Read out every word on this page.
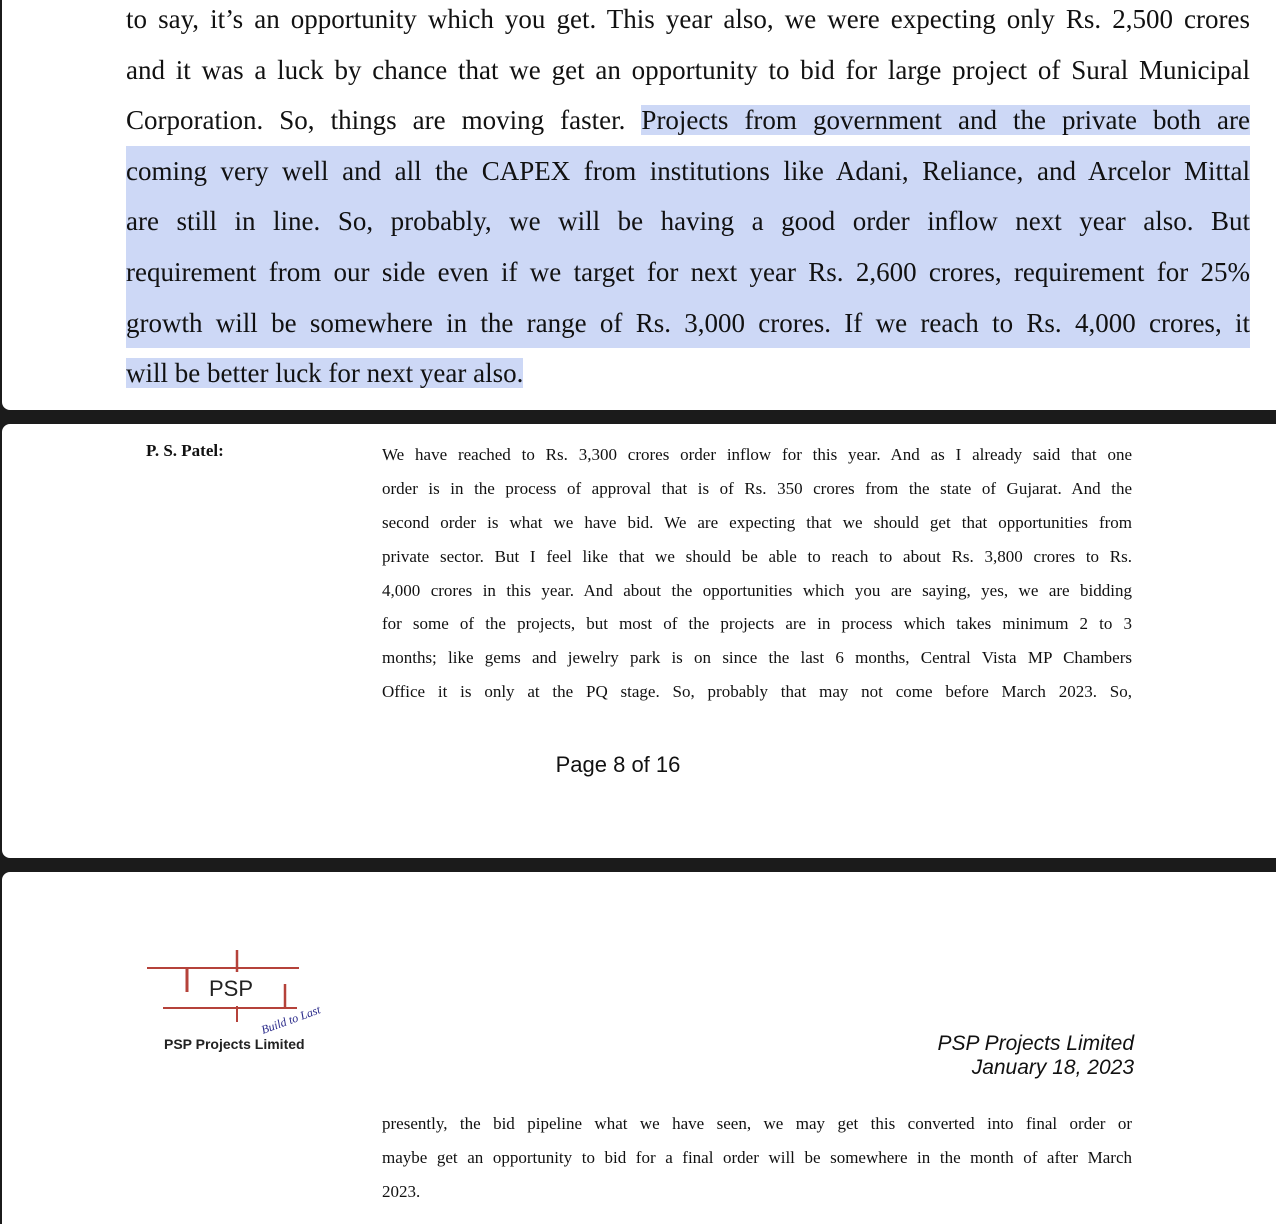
to say, it’s an opportunity which you get. This year also, we were expecting only Rs. 2,500 crores
and it was a luck by chance that we get an opportunity to bid for large project of Sural Municipal
Corporation. So, things are moving faster. Projects from government and the private both are
coming very well and all the CAPEX from institutions like Adani, Reliance, and Arcelor Mittal
are still in line. So, probably, we will be having a good order inflow next year also. But
requirement from our side even if we target for next year Rs. 2,600 crores, requirement for 25%
growth will be somewhere in the range of Rs. 3,000 crores. If we reach to Rs. 4,000 crores, it
will be better luck for next year also.
P. S. Patel:	We have reached to Rs. 3,300 crores order inflow for this year. And as I already said that one
order is in the process of approval that is of Rs. 350 crores from the state of Gujarat. And the
second order is what we have bid. We are expecting that we should get that opportunities from
private sector. But I feel like that we should be able to reach to about Rs. 3,800 crores to Rs.
4,000 crores in this year. And about the opportunities which you are saying, yes, we are bidding
for some of the projects, but most of the projects are in process which takes minimum 2 to 3
months; like gems and jewelry park is on since the last 6 months, Central Vista MP Chambers
Office it is only at the PQ stage. So, probably that may not come before March 2023. So,
Page 8 of 16
PSP
Build to Last
PSP Projects Limited	PSP Projects Limited
January 18, 2023
presently, the bid pipeline what we have seen, we may get this converted into final order or
maybe get an opportunity to bid for a final order will be somewhere in the month of after March
2023.
